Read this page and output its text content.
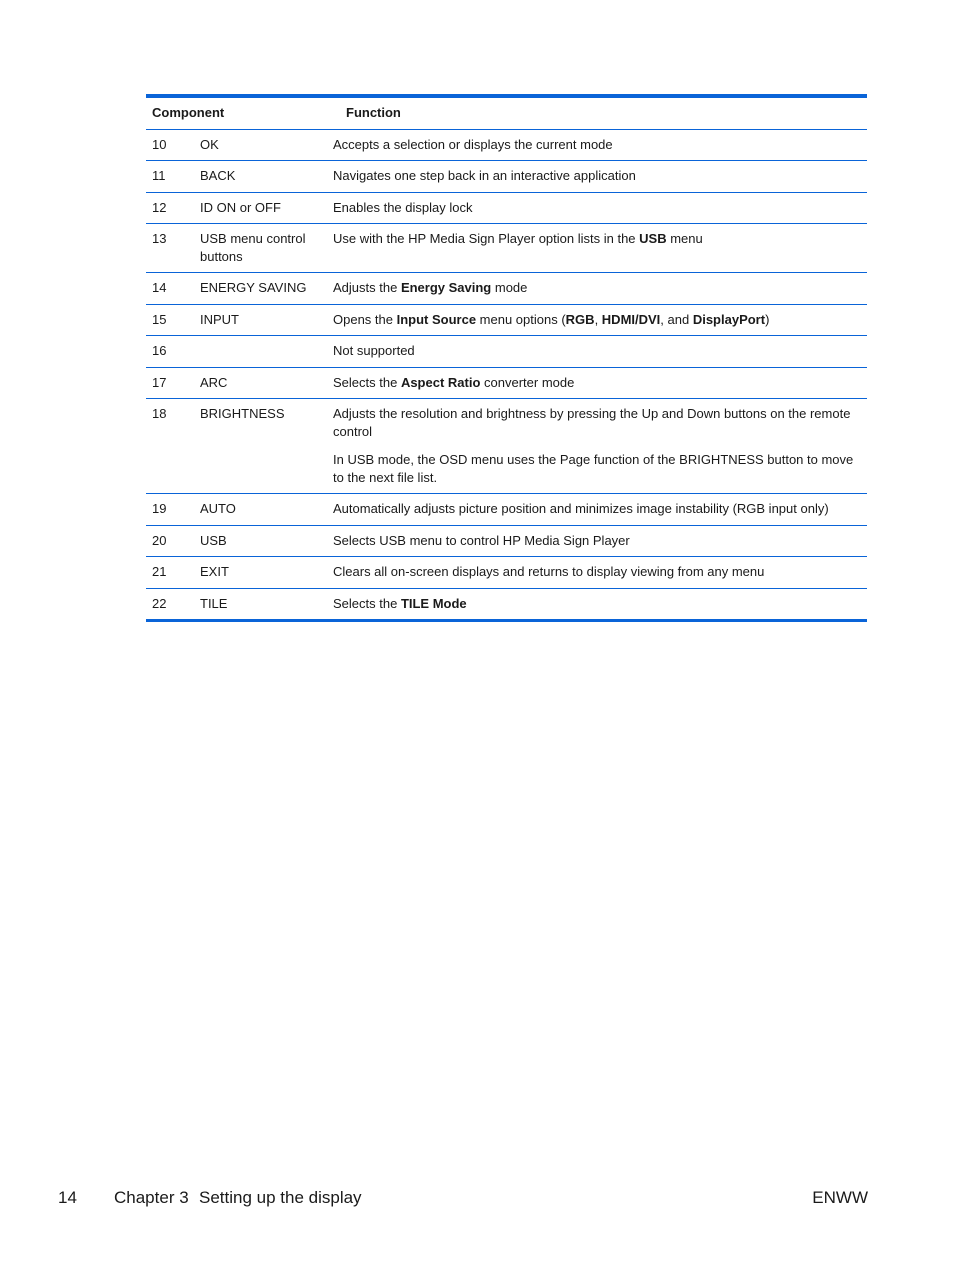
Component		Function
10	OK	Accepts a selection or displays the current mode

11	BACK	Navigates one step back in an interactive application

12	ID ON or OFF	Enables the display lock

13	USB menu control buttons	Use with the HP Media Sign Player option lists in the USB menu

14	ENERGY SAVING	Adjusts the Energy Saving mode

15	INPUT	Opens the Input Source menu options (RGB, HDMI/DVI, and DisplayPort)

16		Not supported

17	ARC	Selects the Aspect Ratio converter mode

18	BRIGHTNESS	Adjusts the resolution and brightness by pressing the Up and Down buttons on the remote control

In USB mode, the OSD menu uses the Page function of the BRIGHTNESS button to move to the next file list.

19	AUTO	Automatically adjusts picture position and minimizes image instability (RGB input only)

20	USB	Selects USB menu to control HP Media Sign Player

21	EXIT	Clears all on-screen displays and returns to display viewing from any menu

22	TILE	Selects the TILE Mode

14 Chapter 3 Setting up the display	ENWW
